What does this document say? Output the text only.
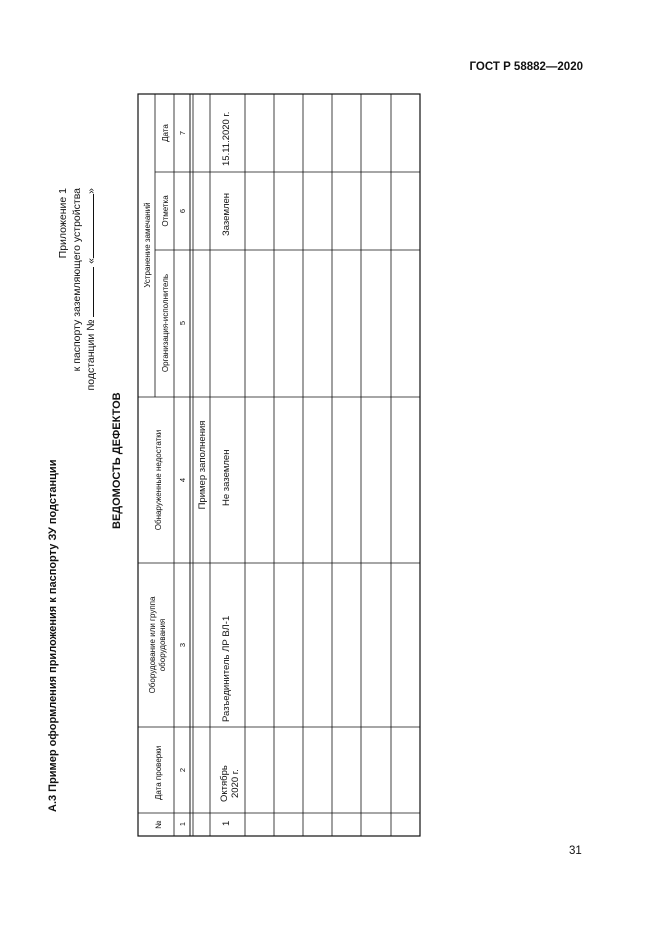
ГОСТ Р 58882—2020
А.3 Пример оформления приложения к паспорту ЗУ подстанции
Приложение 1 к паспорту заземляющего устройства подстанции №  «»
ВЕДОМОСТЬ ДЕФЕКТОВ
№
Дата проверки
Оборудование или группа оборудования
Обнаруженные недостатки
Устранение замечаний
Организация-исполнитель
Отметка
Дата
1
2
3
4
5
6
7
Пример заполнения
1
Октябрь 2020 г.
Разъединитель ЛР ВЛ-1
Не заземлен
Заземлен
15.11.2020 г.
31
